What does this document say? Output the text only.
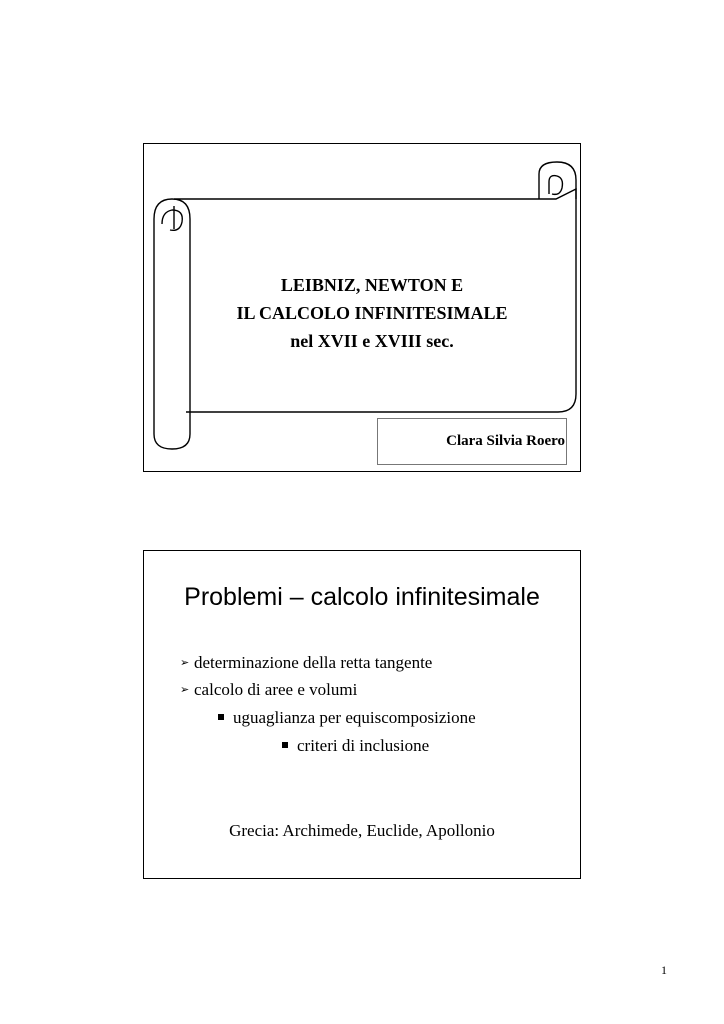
LEIBNIZ, NEWTON E
IL CALCOLO INFINITESIMALE
nel XVII e XVIII sec.
Clara Silvia Roero
Problemi – calcolo infinitesimale
➢ determinazione della retta tangente
➢ calcolo di aree e volumi
uguaglianza per equiscomposizione
criteri di inclusione
Grecia: Archimede, Euclide, Apollonio
1
